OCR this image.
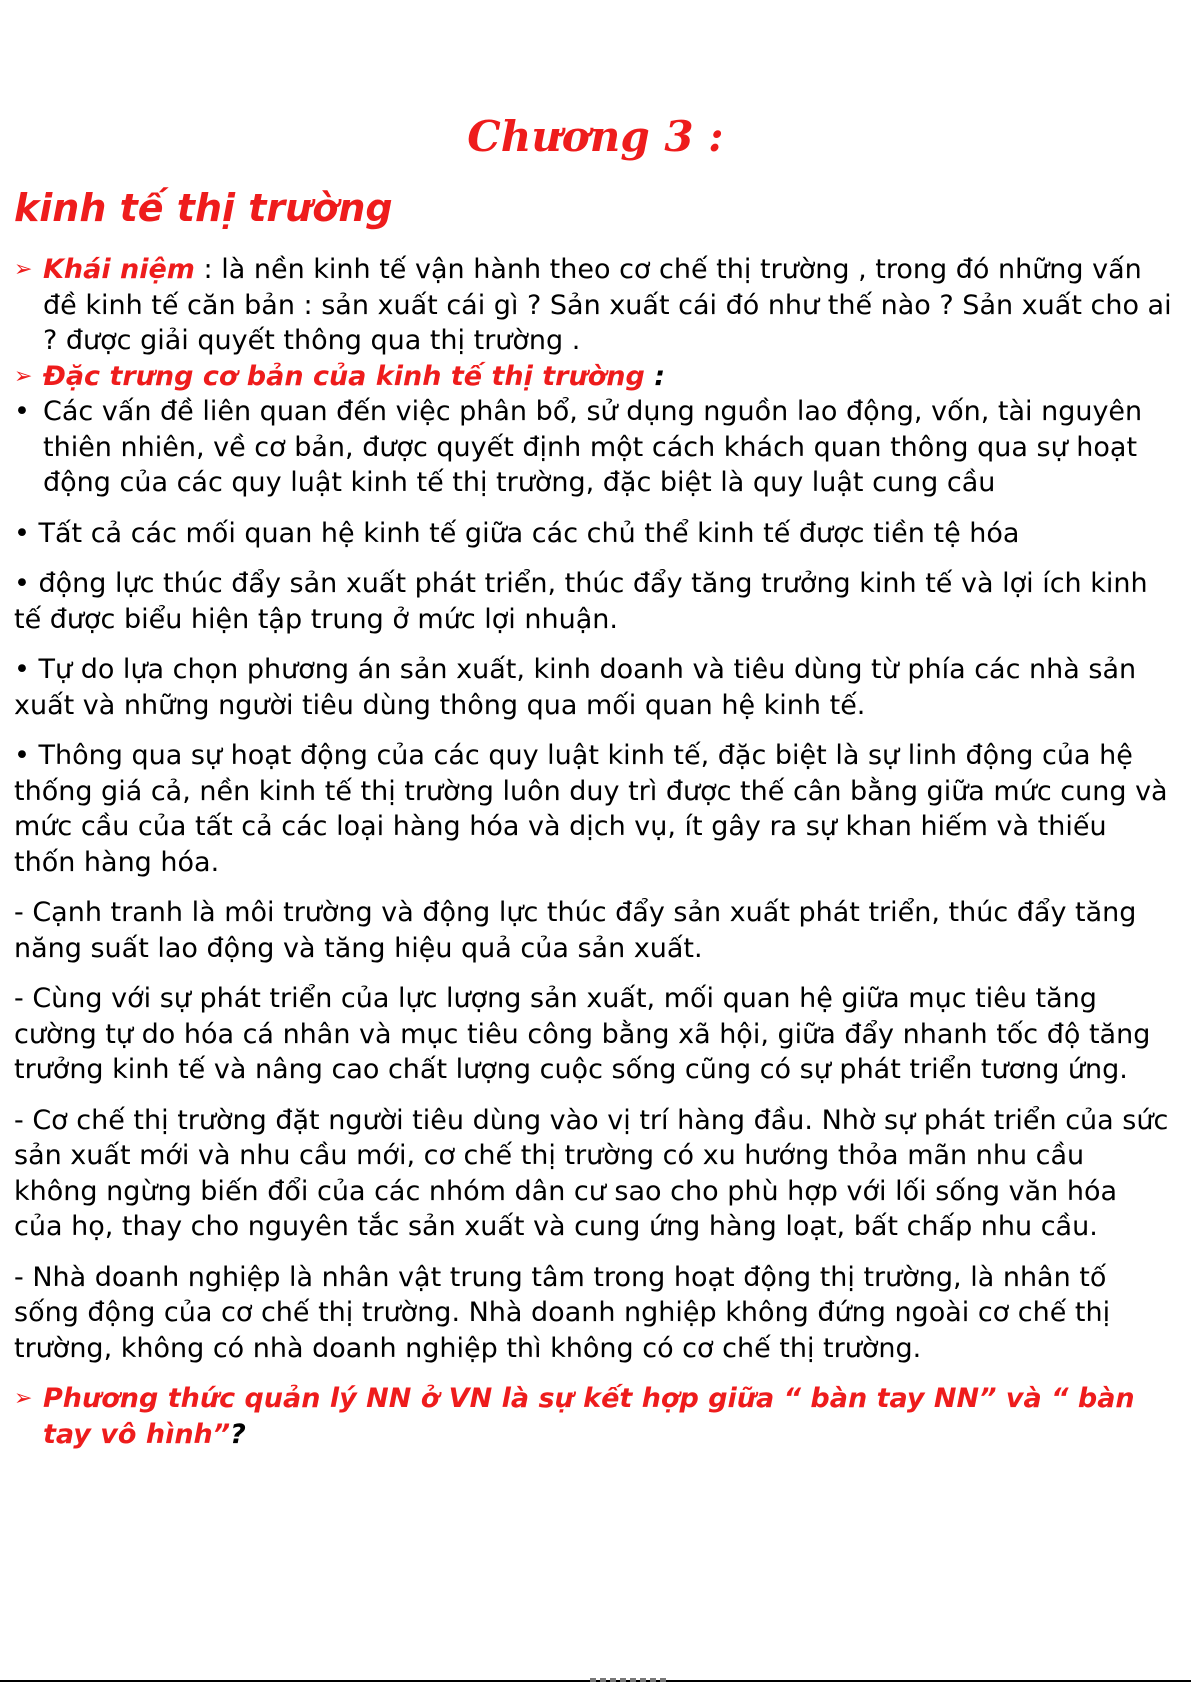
Chương 3 :
kinh tế thị trường
➢ Khái niệm : là nền kinh tế vận hành theo cơ chế thị trường , trong đó những vấn đề kinh tế căn bản : sản xuất cái gì ? Sản xuất cái đó như thế nào ? Sản xuất cho ai ? được giải quyết thông qua thị trường .
➢ Đặc trưng cơ bản của kinh tế thị trường :
• Các vấn đề liên quan đến việc phân bổ, sử dụng nguồn lao động, vốn, tài nguyên thiên nhiên, về cơ bản, được quyết định một cách khách quan thông qua sự hoạt động của các quy luật kinh tế thị trường, đặc biệt là quy luật cung cầu
• Tất cả các mối quan hệ kinh tế giữa các chủ thể kinh tế được tiền tệ hóa
• động lực thúc đẩy sản xuất phát triển, thúc đẩy tăng trưởng kinh tế và lợi ích kinh tế được biểu hiện tập trung ở mức lợi nhuận.
• Tự do lựa chọn phương án sản xuất, kinh doanh và tiêu dùng từ phía các nhà sản xuất và những người tiêu dùng thông qua mối quan hệ kinh tế.
• Thông qua sự hoạt động của các quy luật kinh tế, đặc biệt là sự linh động của hệ thống giá cả, nền kinh tế thị trường luôn duy trì được thế cân bằng giữa mức cung và mức cầu của tất cả các loại hàng hóa và dịch vụ, ít gây ra sự khan hiếm và thiếu thốn hàng hóa.
- Cạnh tranh là môi trường và động lực thúc đẩy sản xuất phát triển, thúc đẩy tăng năng suất lao động và tăng hiệu quả của sản xuất.
- Cùng với sự phát triển của lực lượng sản xuất, mối quan hệ giữa mục tiêu tăng cường tự do hóa cá nhân và mục tiêu công bằng xã hội, giữa đẩy nhanh tốc độ tăng trưởng kinh tế và nâng cao chất lượng cuộc sống cũng có sự phát triển tương ứng.
- Cơ chế thị trường đặt người tiêu dùng vào vị trí hàng đầu. Nhờ sự phát triển của sức sản xuất mới và nhu cầu mới, cơ chế thị trường có xu hướng thỏa mãn nhu cầu không ngừng biến đổi của các nhóm dân cư sao cho phù hợp với lối sống văn hóa của họ, thay cho nguyên tắc sản xuất và cung ứng hàng loạt, bất chấp nhu cầu.
- Nhà doanh nghiệp là nhân vật trung tâm trong hoạt động thị trường, là nhân tố sống động của cơ chế thị trường. Nhà doanh nghiệp không đứng ngoài cơ chế thị trường, không có nhà doanh nghiệp thì không có cơ chế thị trường.
➢ Phương thức quản lý NN ở VN là sự kết hợp giữa “ bàn tay NN” và “ bàn tay vô hình”?
